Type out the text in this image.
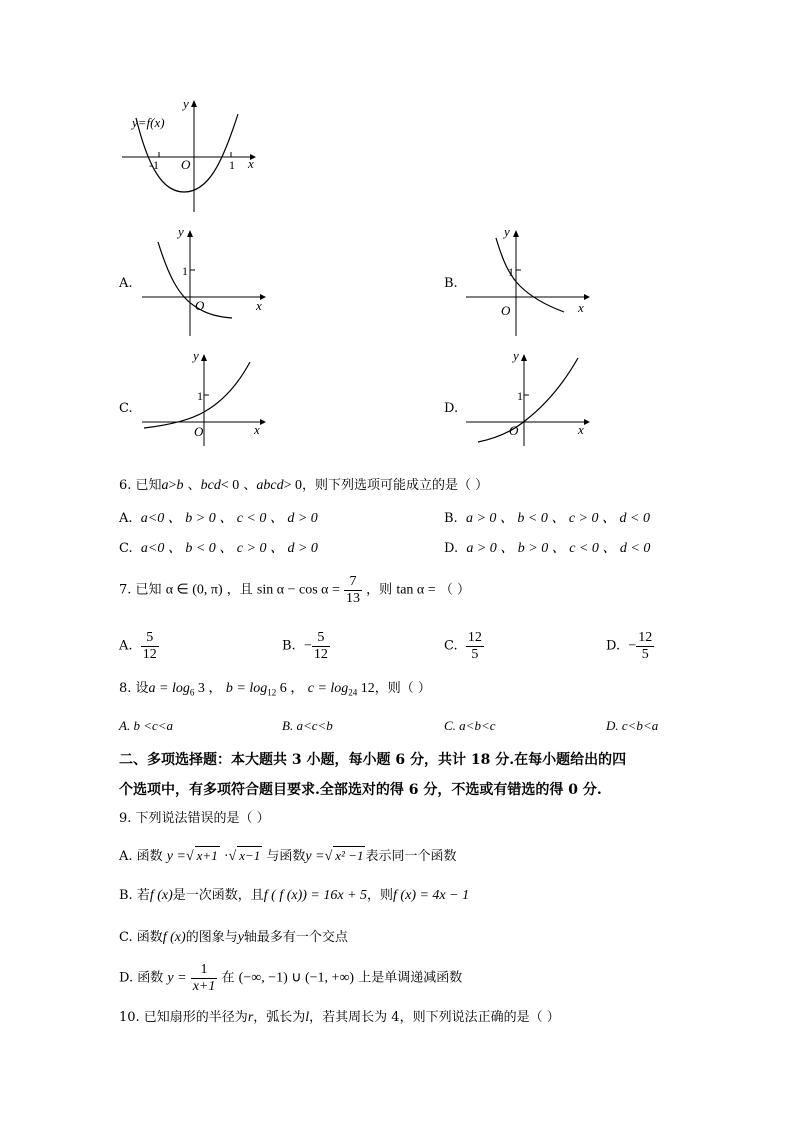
y=f(x)
y
x
O
-1	1
A.
y
x
O
1
B.
y
x
O
1
C.
y
x
O
1
D.
y
x
O
1
6. 已知a>b 、bcd< 0 、abcd> 0，则下列选项可能成立的是（ ）
A.  a<0 、 b > 0 、 c < 0 、 d > 0	B.  a > 0 、 b < 0 、 c > 0 、 d < 0
C.  a<0 、 b < 0 、 c > 0 、 d > 0	D.  a > 0 、 b > 0 、 c < 0 、 d < 0
7. 已知 α ∈ (0, π) ，且 $\sin \alpha - \cos \alpha = \frac{7}{13}$ ，则 tan α = （ ）
A. $\frac{5}{12}$	B.  − $\frac{5}{12}$	C. $\frac{12}{5}$	D.  − $\frac{12}{5}$
8. 设$a = \log_6 3$ ， $b = \log_{12} 6$ ， $c = \log_{24} 12$，则（ ）
A. b <c<a	B. a<c<b	C. a<b<c	D. c<b<a
二、多项选择题：本大题共 3 小题，每小题 6 分，共计 18 分.在每小题给出的四
个选项中，有多项符合题目要求.全部选对的得 6 分，不选或有错选的得 0 分.
9. 下列说法错误的是（ ）
A. 函数 y =√ x+1 ·√ x−1 与函数y =√ x² −1 表示同一个函数
B. 若f (x)是一次函数，且f ( f (x)) = 16x + 5，则f (x) = 4x − 1
C. 函数f (x)的图象与y轴最多有一个交点
D. 函数 $y = \frac{1}{x+1}$ 在 (−∞, −1) ∪ (−1, +∞) 上是单调递减函数
10. 已知扇形的半径为r，弧长为l，若其周长为 4，则下列说法正确的是（ ）
